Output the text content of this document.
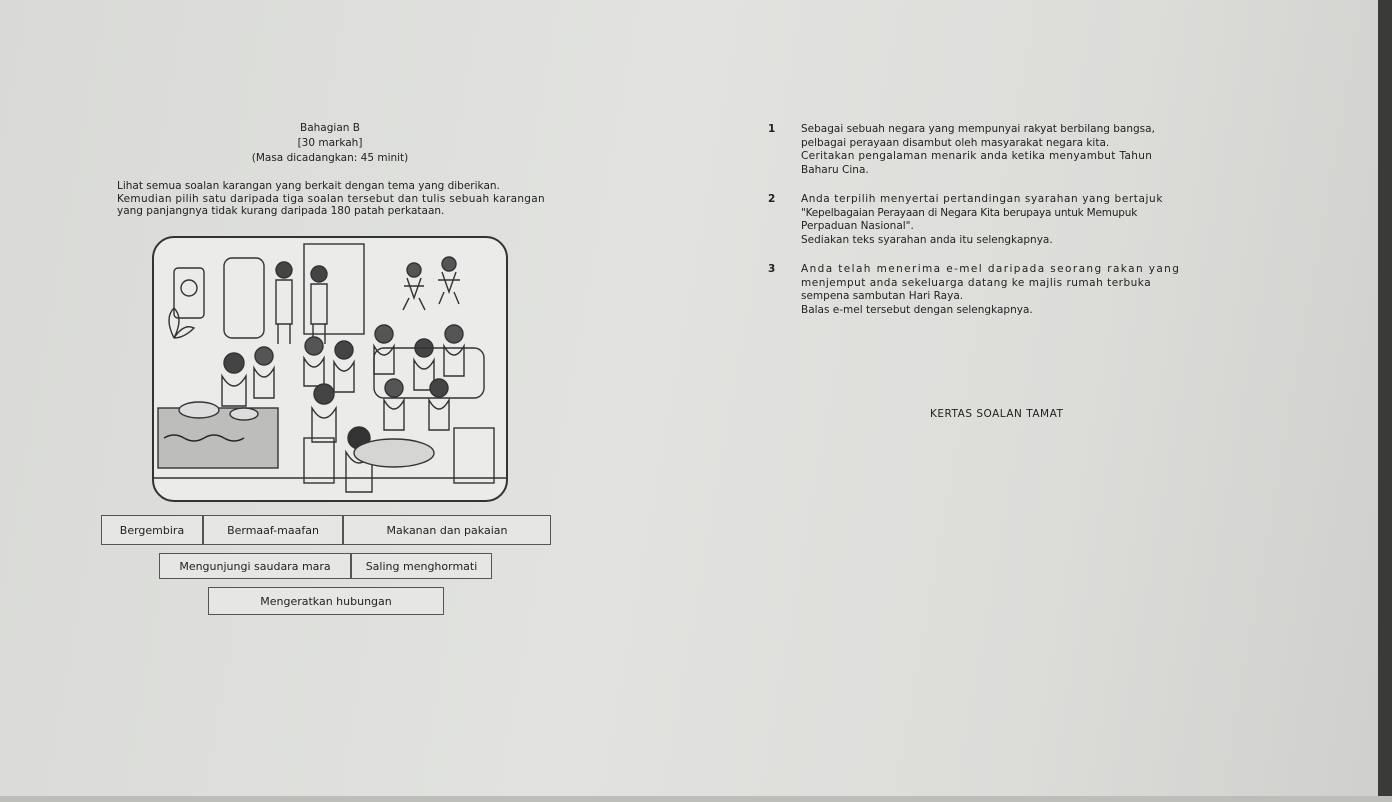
Bahagian B
[30 markah]
(Masa dicadangkan: 45 minit)

Lihat semua soalan karangan yang berkait dengan tema yang diberikan.

Kemudian pilih satu daripada tiga soalan tersebut dan tulis sebuah karangan

yang panjangnya tidak kurang daripada 180 patah perkataan.

Bergembira	Bermaaf-maafan	Makanan dan pakaian
Mengunjungi saudara mara	Saling menghormati
Mengeratkan hubungan
1 Sebagai sebuah negara yang mempunyai rakyat berbilang bangsa,
pelbagai perayaan disambut oleh masyarakat negara kita.
Ceritakan pengalaman menarik anda ketika menyambut Tahun
Baharu Cina.
2 Anda terpilih menyertai pertandingan syarahan yang bertajuk
"Kepelbagaian Perayaan di Negara Kita berupaya untuk Memupuk
Perpaduan Nasional".
Sediakan teks syarahan anda itu selengkapnya.
3 Anda telah menerima e-mel daripada seorang rakan yang
menjemput anda sekeluarga datang ke majlis rumah terbuka
sempena sambutan Hari Raya.
Balas e-mel tersebut dengan selengkapnya.
KERTAS SOALAN TAMAT
